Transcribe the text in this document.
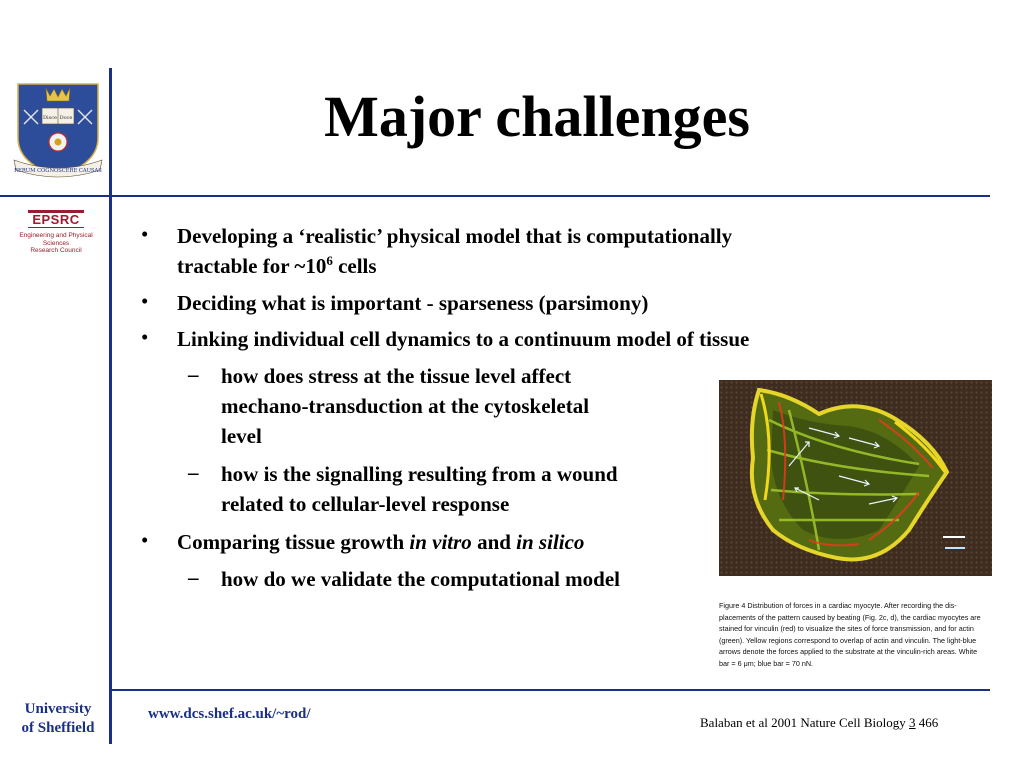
Disce Doce
RERUM COGNOSCERE CAUSAS
EPSRC
Engineering and Physical Sciences
Research Council
Major challenges
• Developing a ‘realistic’ physical model that is computationally
tractable for $\sim 10^6$ cells
• Deciding what is important - sparseness (parsimony)
• Linking individual cell dynamics to a continuum model of tissue
– how does stress at the tissue level affect
mechano-transduction at the cytoskeletal
level
– how is the signalling resulting from a wound
related to cellular-level response
• Comparing tissue growth in vitro and in silico
– how do we validate the computational model
Figure 4 Distribution of forces in a cardiac myocyte. After recording the dis-
placements of the pattern caused by beating (Fig. 2c, d), the cardiac myocytes are
stained for vinculin (red) to visualize the sites of force transmission, and for actin
(green). Yellow regions correspond to overlap of actin and vinculin. The light-blue
arrows denote the forces applied to the substrate at the vinculin-rich areas. White
bar = 6 μm; blue bar = 70 nN.
University
of Sheffield
www.dcs.shef.ac.uk/~rod/
Balaban et al 2001 Nature Cell Biology 3 466
